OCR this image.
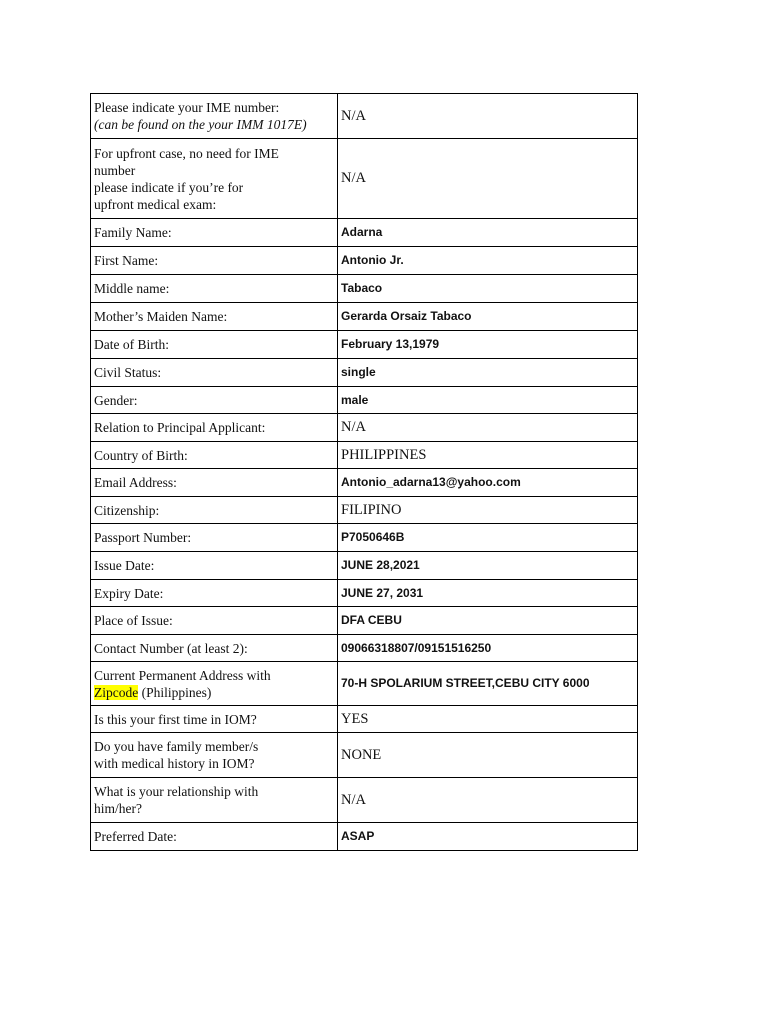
Please indicate your IME number:
(can be found on the your IMM 1017E)	N/A

For upfront case, no need for IME
number
please indicate if you’re for
upfront medical exam:	N/A
Family Name:	Adarna
First Name:	Antonio Jr.
Middle name:	Tabaco
Mother’s Maiden Name:	Gerarda Orsaiz Tabaco
Date of Birth:	February 13,1979
Civil Status:	single
Gender:	male
Relation to Principal Applicant:	N/A
Country of Birth:	PHILIPPINES
Email Address:	Antonio_adarna13@yahoo.com
Citizenship:	FILIPINO
Passport Number:	P7050646B
Issue Date:	JUNE 28,2021
Expiry Date:	JUNE 27, 2031
Place of Issue:	DFA CEBU
Contact Number (at least 2):	09066318807/09151516250

Current Permanent Address with
Zipcode (Philippines)	70-H SPOLARIUM STREET,CEBU CITY 6000
Is this your first time in IOM?	YES

Do you have family member/s
with medical history in IOM?	NONE

What is your relationship with
him/her?	N/A
Preferred Date:	ASAP
